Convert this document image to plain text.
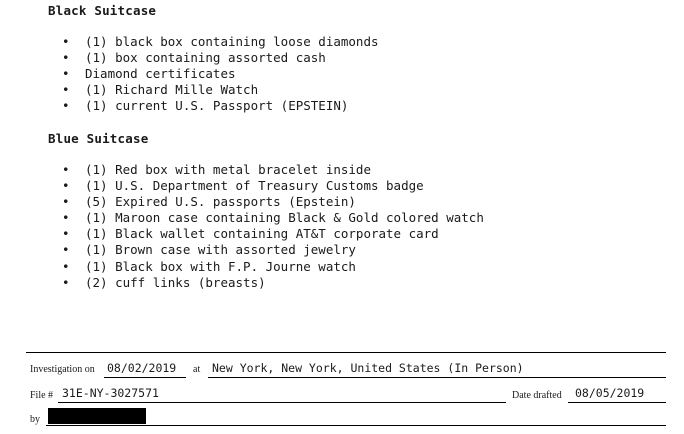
Black Suitcase
• (1) black box containing loose diamonds
• (1) box containing assorted cash
• Diamond certificates
• (1) Richard Mille Watch
• (1) current U.S. Passport (EPSTEIN)
Blue Suitcase
• (1) Red box with metal bracelet inside
• (1) U.S. Department of Treasury Customs badge
• (5) Expired U.S. passports (Epstein)
• (1) Maroon case containing Black & Gold colored watch
• (1) Black wallet containing AT&T corporate card
• (1) Brown case with assorted jewelry
• (1) Black box with F.P. Journe watch
• (2) cuff links (breasts)
Investigation on 08/02/2019 at New York, New York, United States (In Person)
File # 31E-NY-3027571	Date drafted 08/05/2019
by
